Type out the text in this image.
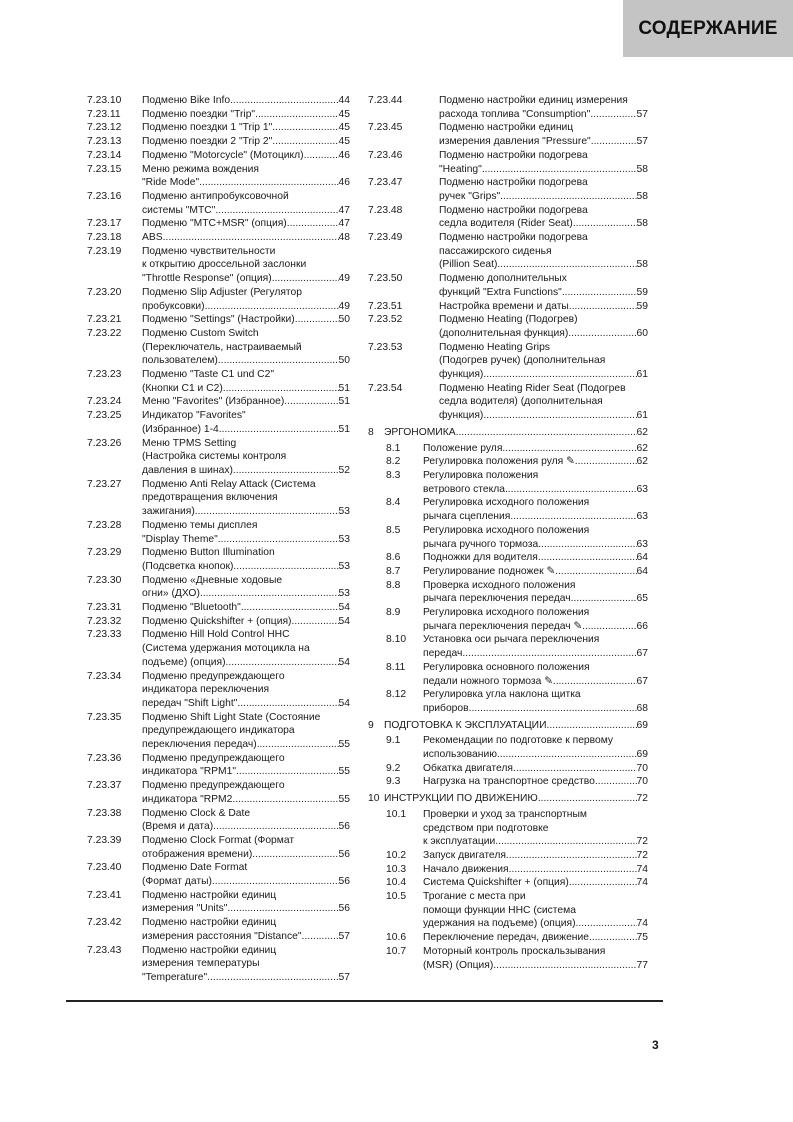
СОДЕРЖАНИЕ
7.23.10 Подменю Bike Info .....	44
7.23.11 Подменю поездки "Trip" .....	45
7.23.12 Подменю поездки 1 "Trip 1" .....	45
7.23.13 Подменю поездки 2 "Trip 2" .....	45
7.23.14 Подменю "Motorcycle" (Мотоцикл) .....	46
7.23.15 Меню режима вождения
"Ride Mode" .....	46
7.23.16 Подменю антипробуксовочной
системы "MTC" .....	47
7.23.17 Подменю "MTC+MSR" (опция) .....	47
7.23.18 ABS .....	48
7.23.19 Подменю чувствительности
к открытию дроссельной заслонки
"Throttle Response" (опция) .....	49
7.23.20 Подменю Slip Adjuster (Регулятор
пробуксовки) .....	49
7.23.21 Подменю "Settings" (Настройки) .....	50
7.23.22 Подменю Custom Switch
(Переключатель, настраиваемый
пользователем) .....	50
7.23.23 Подменю "Taste C1 und C2"
(Кнопки C1 и C2) .....	51
7.23.24 Меню "Favorites" (Избранное) .....	51
7.23.25 Индикатор "Favorites"
(Избранное) 1-4 .....	51
7.23.26 Меню TPMS Setting
(Настройка системы контроля
давления в шинах) .....	52
7.23.27 Подменю Anti Relay Attack (Система
предотвращения включения
зажигания) .....	53
7.23.28 Подменю темы дисплея
"Display Theme" .....	53
7.23.29 Подменю Button Illumination
(Подсветка кнопок) .....	53
7.23.30 Подменю «Дневные ходовые
огни» (ДХО) .....	53
7.23.31 Подменю "Bluetooth" .....	54
7.23.32 Подменю Quickshifter + (опция) .....	54
7.23.33 Подменю Hill Hold Control HHC
(Система удержания мотоцикла на
подъеме) (опция) .....	54
7.23.34 Подменю предупреждающего
индикатора переключения
передач "Shift Light" .....	54
7.23.35 Подменю Shift Light State (Состояние
предупреждающего индикатора
переключения передач) .....	55
7.23.36 Подменю предупреждающего
индикатора "RPM1" .....	55
7.23.37 Подменю предупреждающего
индикатора "RPM2 .....	55
7.23.38 Подменю Clock & Date
(Время и дата) .....	56
7.23.39 Подменю Clock Format (Формат
отображения времени) .....	56
7.23.40 Подменю Date Format
(Формат даты) .....	56
7.23.41 Подменю настройки единиц
измерения "Units" .....	56
7.23.42 Подменю настройки единиц
измерения расстояния "Distance" .....	57
7.23.43 Подменю настройки единиц
измерения температуры
"Temperature" .....	57
7.23.44	Подменю настройки единиц измерения
расхода топлива "Consumption" .....	57
7.23.45	Подменю настройки единиц
измерения давления "Pressure" .....	57
7.23.46	Подменю настройки подогрева
"Heating" .....	58
7.23.47	Подменю настройки подогрева
ручек "Grips" .....	58
7.23.48	Подменю настройки подогрева
седла водителя (Rider Seat) .....	58
7.23.49	Подменю настройки подогрева
пассажирского сиденья
(Pillion Seat) .....	58
7.23.50	Подменю дополнительных
функций "Extra Functions" .....	59
7.23.51	Настройка времени и даты .....	59
7.23.52	Подменю Heating (Подогрев)
(дополнительная функция) .....	60
7.23.53	Подменю Heating Grips
(Подогрев ручек) (дополнительная
функция) .....	61
7.23.54	Подменю Heating Rider Seat (Подогрев
седла водителя) (дополнительная
функция) .....	61
8 ЭРГОНОМИКА .....	62
8.1 Положение руля .....	62
8.2 Регулировка положения руля ✎ .....	62
8.3 Регулировка положения
ветрового стекла .....	63
8.4 Регулировка исходного положения
рычага сцепления .....	63
8.5 Регулировка исходного положения
рычага ручного тормоза .....	63
8.6 Подножки для водителя .....	64
8.7 Регулирование подножек ✎ .....	64
8.8 Проверка исходного положения
рычага переключения передач .....	65
8.9 Регулировка исходного положения
рычага переключения передач ✎ .....	66
8.10 Установка оси рычага переключения
передач .....	67
8.11 Регулировка основного положения
педали ножного тормоза ✎ .....	67
8.12 Регулировка угла наклона щитка
приборов .....	68
9 ПОДГОТОВКА К ЭКСПЛУАТАЦИИ .....	69
9.1 Рекомендации по подготовке к первому
использованию .....	69
9.2 Обкатка двигателя .....	70
9.3 Нагрузка на транспортное средство .....	70
10 ИНСТРУКЦИИ ПО ДВИЖЕНИЮ .....	72
10.1 Проверки и уход за транспортным
средством при подготовке
к эксплуатации .....	72
10.2 Запуск двигателя .....	72
10.3 Начало движения .....	74
10.4 Система Quickshifter + (опция) .....	74
10.5 Трогание с места при
помощи функции HHC (система
удержания на подъеме) (опция) .....	74
10.6 Переключение передач, движение .....	75
10.7 Моторный контроль проскальзывания
(MSR) (Опция) .....	77
3
